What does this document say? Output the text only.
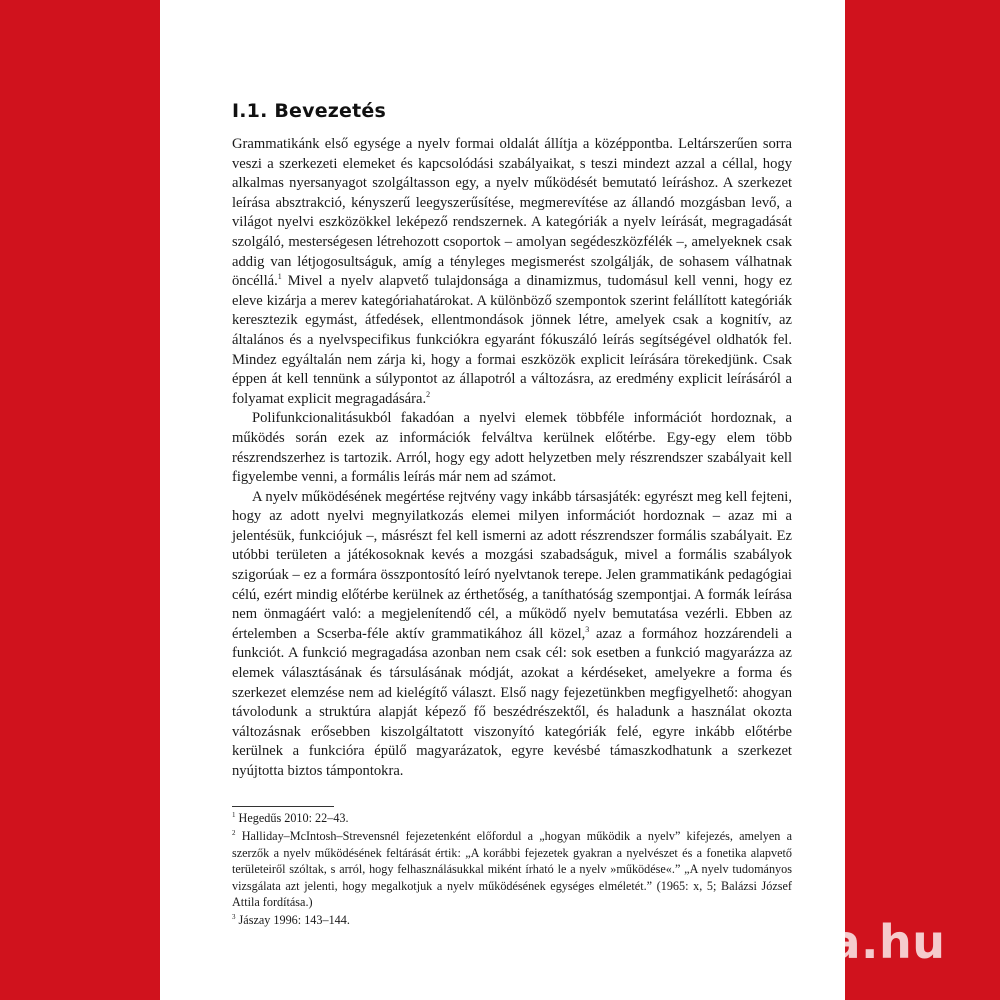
I.1. Bevezetés

Grammatikánk első egysége a nyelv formai oldalát állítja a középpontba. Leltárszerűen sorra veszi a szerkezeti elemeket és kapcsolódási szabályaikat, s teszi mindezt azzal a céllal, hogy alkalmas nyersanyagot szolgáltasson egy, a nyelv működését bemutató leíráshoz. A szerkezet leírása absztrakció, kényszerű leegyszerűsítése, megmerevítése az állandó mozgásban levő, a világot nyelvi eszközökkel leképező rendszernek. A kategóriák a nyelv leírását, megragadását szolgáló, mesterségesen létrehozott csoportok – amolyan segédeszközfélék –, amelyeknek csak addig van létjogosultságuk, amíg a tényleges megismerést szolgálják, de sohasem válhatnak öncéllá.$^1$ Mivel a nyelv alapvető tulajdonsága a dinamizmus, tudomásul kell venni, hogy ez eleve kizárja a merev kategóriahatárokat. A különböző szempontok szerint felállított kategóriák keresztezik egymást, átfedések, ellentmondások jönnek létre, amelyek csak a kognitív, az általános és a nyelvspecifikus funkciókra egyaránt fókuszáló leírás segítségével oldhatók fel. Mindez egyáltalán nem zárja ki, hogy a formai eszközök explicit leírására törekedjünk. Csak éppen át kell tennünk a súlypontot az állapotról a változásra, az eredmény explicit leírásáról a folyamat explicit megragadására.$^2$

Polifunkcionalitásukból fakadóan a nyelvi elemek többféle információt hordoznak, a működés során ezek az információk felváltva kerülnek előtérbe. Egy-egy elem több részrendszerhez is tartozik. Arról, hogy egy adott helyzetben mely részrendszer szabályait kell figyelembe venni, a formális leírás már nem ad számot.

A nyelv működésének megértése rejtvény vagy inkább társasjáték: egyrészt meg kell fejteni, hogy az adott nyelvi megnyilatkozás elemei milyen információt hordoznak – azaz mi a jelentésük, funkciójuk –, másrészt fel kell ismerni az adott részrendszer formális szabályait. Ez utóbbi területen a játékosoknak kevés a mozgási szabadságuk, mivel a formális szabályok szigorúak – ez a formára összpontosító leíró nyelvtanok terepe. Jelen grammatikánk pedagógiai célú, ezért mindig előtérbe kerülnek az érthetőség, a taníthatóság szempontjai. A formák leírása nem önmagáért való: a megjelenítendő cél, a működő nyelv bemutatása vezérli. Ebben az értelemben a Scserba-féle aktív grammatikához áll közel,$^3$ azaz a formához hozzárendeli a funkciót. A funkció megragadása azonban nem csak cél: sok esetben a funkció magyarázza az elemek választásának és társulásának módját, azokat a kérdéseket, amelyekre a forma és szerkezet elemzése nem ad kielégítő választ. Első nagy fejezetünkben megfigyelhető: ahogyan távolodunk a struktúra alapját képező fő beszédrészektől, és haladunk a használat okozta változásnak erősebben kiszolgáltatott viszonyító kategóriák felé, egyre inkább előtérbe kerülnek a funkcióra épülő magyarázatok, egyre kevésbé támaszkodhatunk a szerkezet nyújtotta biztos támpontokra.

$^1$ Hegedűs 2010: 22–43.

$^2$ Halliday–McIntosh–Strevensnél fejezetenként előfordul a „hogyan működik a nyelv” kifejezés, amelyen a szerzők a nyelv működésének feltárását értik: „A korábbi fejezetek gyakran a nyelvészet és a fonetika alapvető területeiről szóltak, s arról, hogy felhasználásukkal miként írható le a nyelv »működése«.” „A nyelv tudományos vizsgálata azt jelenti, hogy megalkotjuk a nyelv működésének egységes elméletét.” (1965: x, 5; Balázsi József Attila fordítása.)

$^3$ Jászay 1996: 143–144.	tinta.hu
